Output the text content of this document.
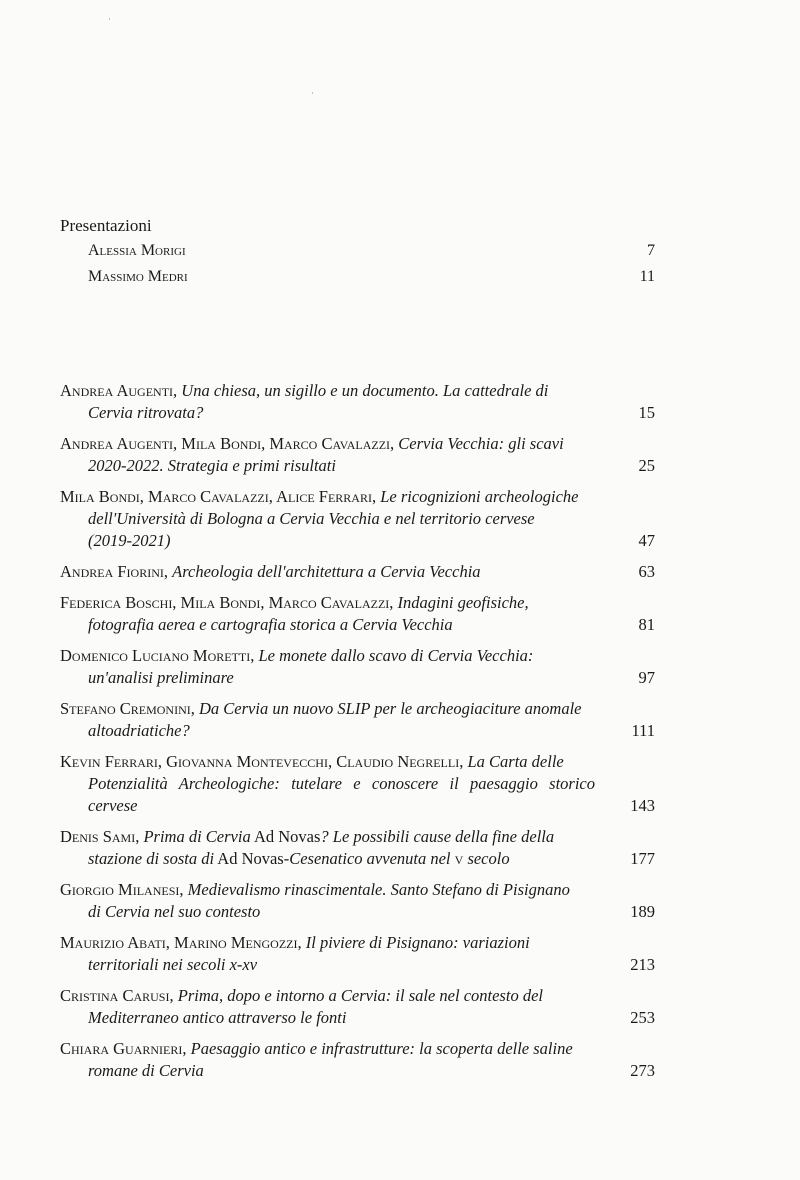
·
·
Presentazioni
Alessia Morigi	7
Massimo Medri	11
Andrea Augenti, Una chiesa, un sigillo e un documento. La cattedrale di
Cervia ritrovata?	15
Andrea Augenti, Mila Bondi, Marco Cavalazzi, Cervia Vecchia: gli scavi
2020-2022. Strategia e primi risultati	25
Mila Bondi, Marco Cavalazzi, Alice Ferrari, Le ricognizioni archeologiche
dell'Università di Bologna a Cervia Vecchia e nel territorio cervese
(2019-2021)	47
Andrea Fiorini, Archeologia dell'architettura a Cervia Vecchia	63
Federica Boschi, Mila Bondi, Marco Cavalazzi, Indagini geofisiche,
fotografia aerea e cartografia storica a Cervia Vecchia	81
Domenico Luciano Moretti, Le monete dallo scavo di Cervia Vecchia:
un'analisi preliminare	97
Stefano Cremonini, Da Cervia un nuovo SLIP per le archeogiaciture anomale
altoadriatiche?	111
Kevin Ferrari, Giovanna Montevecchi, Claudio Negrelli, La Carta delle
Potenzialità Archeologiche: tutelare e conoscere il paesaggio storico cervese	143
Denis Sami, Prima di Cervia Ad Novas? Le possibili cause della fine della
stazione di sosta di Ad Novas-Cesenatico avvenuta nel v secolo	177
Giorgio Milanesi, Medievalismo rinascimentale. Santo Stefano di Pisignano
di Cervia nel suo contesto	189
Maurizio Abati, Marino Mengozzi, Il piviere di Pisignano: variazioni
territoriali nei secoli x-xv	213
Cristina Carusi, Prima, dopo e intorno a Cervia: il sale nel contesto del
Mediterraneo antico attraverso le fonti	253
Chiara Guarnieri, Paesaggio antico e infrastrutture: la scoperta delle saline
romane di Cervia	273
